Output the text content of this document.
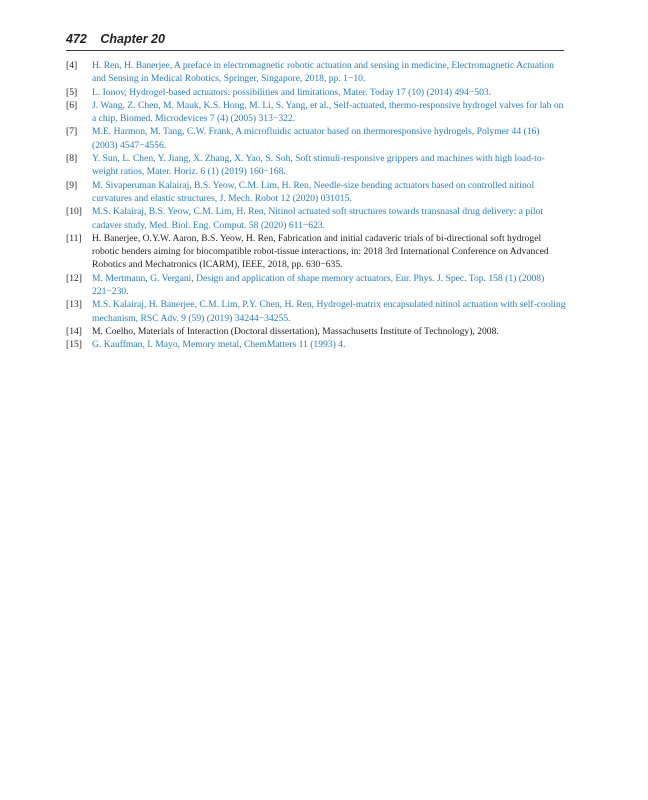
472 Chapter 20
[4]	H. Ren, H. Banerjee, A preface in electromagnetic robotic actuation and sensing in medicine, Electromagnetic Actuation and Sensing in Medical Robotics, Springer, Singapore, 2018, pp. 1−10.
[5]	L. Ionov, Hydrogel-based actuators: possibilities and limitations, Mater. Today 17 (10) (2014) 494−503.
[6]	J. Wang, Z. Chen, M. Mauk, K.S. Hong, M. Li, S. Yang, et al., Self-actuated, thermo-responsive hydrogel valves for lab on a chip, Biomed. Microdevices 7 (4) (2005) 313−322.
[7]	M.E. Harmon, M. Tang, C.W. Frank, A microfluidic actuator based on thermoresponsive hydrogels, Polymer 44 (16) (2003) 4547−4556.
[8]	Y. Sun, L. Chen, Y. Jiang, X. Zhang, X. Yao, S. Soh, Soft stimuli-responsive grippers and machines with high load-to-weight ratios, Mater. Horiz. 6 (1) (2019) 160−168.
[9]	M. Sivaperuman Kalairaj, B.S. Yeow, C.M. Lim, H. Ren, Needle-size bending actuators based on controlled nitinol curvatures and elastic structures, J. Mech. Robot 12 (2020) 031015.
[10]	M.S. Kalairaj, B.S. Yeow, C.M. Lim, H. Ren, Nitinol actuated soft structures towards transnasal drug delivery: a pilot cadaver study, Med. Biol. Eng. Comput. 58 (2020) 611−623.
[11]	H. Banerjee, O.Y.W. Aaron, B.S. Yeow, H. Ren, Fabrication and initial cadaveric trials of bi-directional soft hydrogel robotic benders aiming for biocompatible robot-tissue interactions, in: 2018 3rd International Conference on Advanced Robotics and Mechatronics (ICARM), IEEE, 2018, pp. 630−635.
[12]	M. Mertmann, G. Vergani, Design and application of shape memory actuators, Eur. Phys. J. Spec. Top. 158 (1) (2008) 221−230.
[13]	M.S. Kalairaj, H. Banerjee, C.M. Lim, P.Y. Chen, H. Ren, Hydrogel-matrix encapsulated nitinol actuation with self-cooling mechanism, RSC Adv. 9 (59) (2019) 34244−34255.
[14]	M. Coelho, Materials of Interaction (Doctoral dissertation), Massachusetts Institute of Technology), 2008.
[15]	G. Kauffman, I. Mayo, Memory metal, ChemMatters 11 (1993) 4.
